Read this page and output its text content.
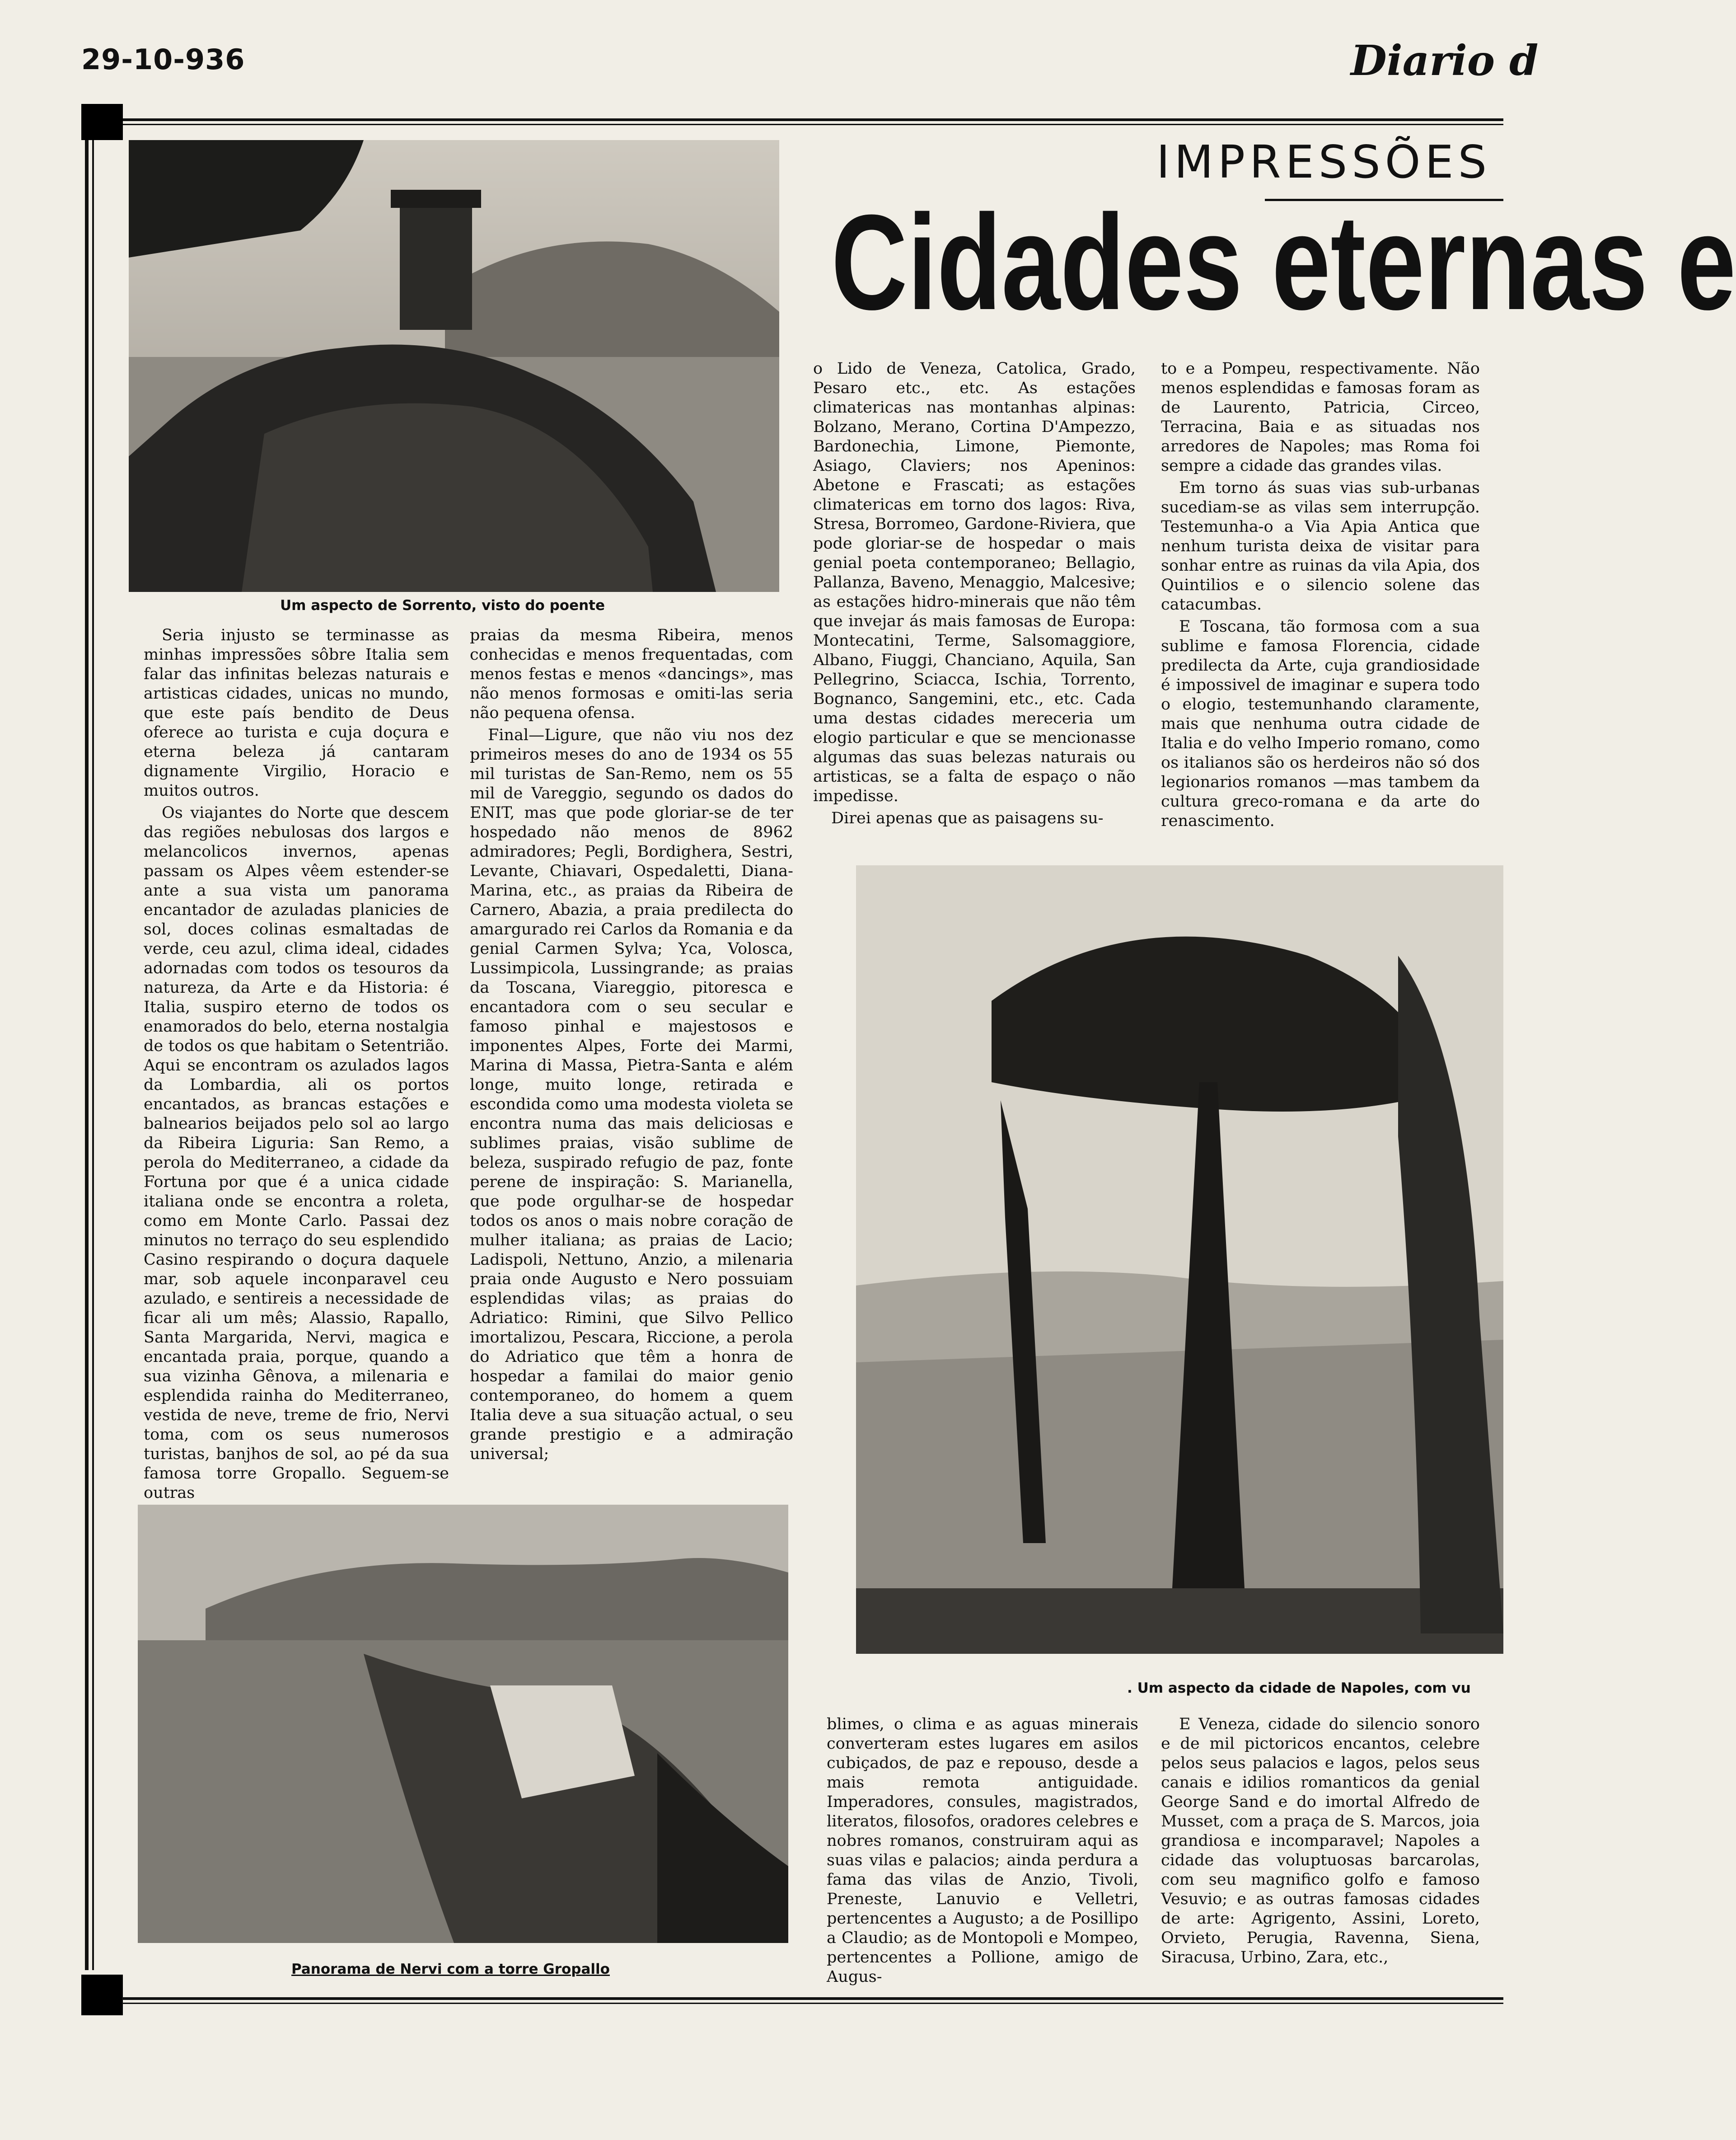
29-10-936	Diario d
IMPRESSÕES
Cidades eternas e
Um aspecto de Sorrento, visto do poente
. Um aspecto da cidade de Napoles, com vu
Panorama de Nervi com a torre Gropallo

Seria injusto se terminasse as minhas impressões sôbre Italia sem falar das infinitas belezas naturais e artisticas cidades, unicas no mundo, que este país bendito de Deus oferece ao turista e cuja doçura e eterna beleza já cantaram dignamente Virgilio, Horacio e muitos outros.

Os viajantes do Norte que descem das regiões nebulosas dos largos e melancolicos invernos, apenas passam os Alpes vêem estender-se ante a sua vista um panorama encantador de azuladas planicies de sol, doces colinas esmaltadas de verde, ceu azul, clima ideal, cidades adornadas com todos os tesouros da natureza, da Arte e da Historia: é Italia, suspiro eterno de todos os enamorados do belo, eterna nostalgia de todos os que habitam o Setentrião. Aqui se encontram os azulados lagos da Lombardia, ali os portos encantados, as brancas estações e balnearios beijados pelo sol ao largo da Ribeira Liguria: San Remo, a perola do Mediterraneo, a cidade da Fortuna por que é a unica cidade italiana onde se encontra a roleta, como em Monte Carlo. Passai dez minutos no terraço do seu esplendido Casino respirando o doçura daquele mar, sob aquele inconparavel ceu azulado, e sentireis a necessidade de ficar ali um mês; Alassio, Rapallo, Santa Margarida, Nervi, magica e encantada praia, porque, quando a sua vizinha Gênova, a milenaria e esplendida rainha do Mediterraneo, vestida de neve, treme de frio, Nervi toma, com os seus numerosos turistas, banjhos de sol, ao pé da sua famosa torre Gropallo. Seguem-se outras

praias da mesma Ribeira, menos conhecidas e menos frequentadas, com menos festas e menos «dancings», mas não menos formosas e omiti-las seria não pequena ofensa.

Final—Ligure, que não viu nos dez primeiros meses do ano de 1934 os 55 mil turistas de San-Remo, nem os 55 mil de Vareggio, segundo os dados do ENIT, mas que pode gloriar-se de ter hospedado não menos de 8962 admiradores; Pegli, Bordighera, Sestri, Levante, Chiavari, Ospedaletti, Diana-Marina, etc., as praias da Ribeira de Carnero, Abazia, a praia predilecta do amargurado rei Carlos da Romania e da genial Carmen Sylva; Yca, Volosca, Lussimpicola, Lussingrande; as praias da Toscana, Viareggio, pitoresca e encantadora com o seu secular e famoso pinhal e majestosos e imponentes Alpes, Forte dei Marmi, Marina di Massa, Pietra-Santa e além longe, muito longe, retirada e escondida como uma modesta violeta se encontra numa das mais deliciosas e sublimes praias, visão sublime de beleza, suspirado refugio de paz, fonte perene de inspiração: S. Marianella, que pode orgulhar-se de hospedar todos os anos o mais nobre coração de mulher italiana; as praias de Lacio; Ladispoli, Nettuno, Anzio, a milenaria praia onde Augusto e Nero possuiam esplendidas vilas; as praias do Adriatico: Rimini, que Silvo Pellico imortalizou, Pescara, Riccione, a perola do Adriatico que têm a honra de hospedar a familai do maior genio contemporaneo, do homem a quem Italia deve a sua situação actual, o seu grande prestigio e a admiração universal;

o Lido de Veneza, Catolica, Grado, Pesaro etc., etc. As estações climatericas nas montanhas alpinas: Bolzano, Merano, Cortina D'Ampezzo, Bardonechia, Limone, Piemonte, Asiago, Claviers; nos Apeninos: Abetone e Frascati; as estações climatericas em torno dos lagos: Riva, Stresa, Borromeo, Gardone-Riviera, que pode gloriar-se de hospedar o mais genial poeta contemporaneo; Bellagio, Pallanza, Baveno, Menaggio, Malcesive; as estações hidro-minerais que não têm que invejar ás mais famosas de Europa: Montecatini, Terme, Salsomaggiore, Albano, Fiuggi, Chanciano, Aquila, San Pellegrino, Sciacca, Ischia, Torrento, Bognanco, Sangemini, etc., etc. Cada uma destas cidades mereceria um elogio particular e que se mencionasse algumas das suas belezas naturais ou artisticas, se a falta de espaço o não impedisse.

Direi apenas que as paisagens su-

to e a Pompeu, respectivamente. Não menos esplendidas e famosas foram as de Laurento, Patricia, Circeo, Terracina, Baia e as situadas nos arredores de Napoles; mas Roma foi sempre a cidade das grandes vilas.

Em torno ás suas vias sub-urbanas sucediam-se as vilas sem interrupção. Testemunha-o a Via Apia Antica que nenhum turista deixa de visitar para sonhar entre as ruinas da vila Apia, dos Quintilios e o silencio solene das catacumbas.

E Toscana, tão formosa com a sua sublime e famosa Florencia, cidade predilecta da Arte, cuja grandiosidade é impossivel de imaginar e supera todo o elogio, testemunhando claramente, mais que nenhuma outra cidade de Italia e do velho Imperio romano, como os italianos são os herdeiros não só dos legionarios romanos —mas tambem da cultura greco-romana e da arte do renascimento.

blimes, o clima e as aguas minerais converteram estes lugares em asilos cubiçados, de paz e repouso, desde a mais remota antiguidade. Imperadores, consules, magistrados, literatos, filosofos, oradores celebres e nobres romanos, construiram aqui as suas vilas e palacios; ainda perdura a fama das vilas de Anzio, Tivoli, Preneste, Lanuvio e Velletri, pertencentes a Augusto; a de Posillipo a Claudio; as de Montopoli e Mompeo, pertencentes a Pollione, amigo de Augus-

E Veneza, cidade do silencio sonoro e de mil pictoricos encantos, celebre pelos seus palacios e lagos, pelos seus canais e idilios romanticos da genial George Sand e do imortal Alfredo de Musset, com a praça de S. Marcos, joia grandiosa e incomparavel; Napoles a cidade das voluptuosas barcarolas, com seu magnifico golfo e famoso Vesuvio; e as outras famosas cidades de arte: Agrigento, Assini, Loreto, Orvieto, Perugia, Ravenna, Siena, Siracusa, Urbino, Zara, etc.,
